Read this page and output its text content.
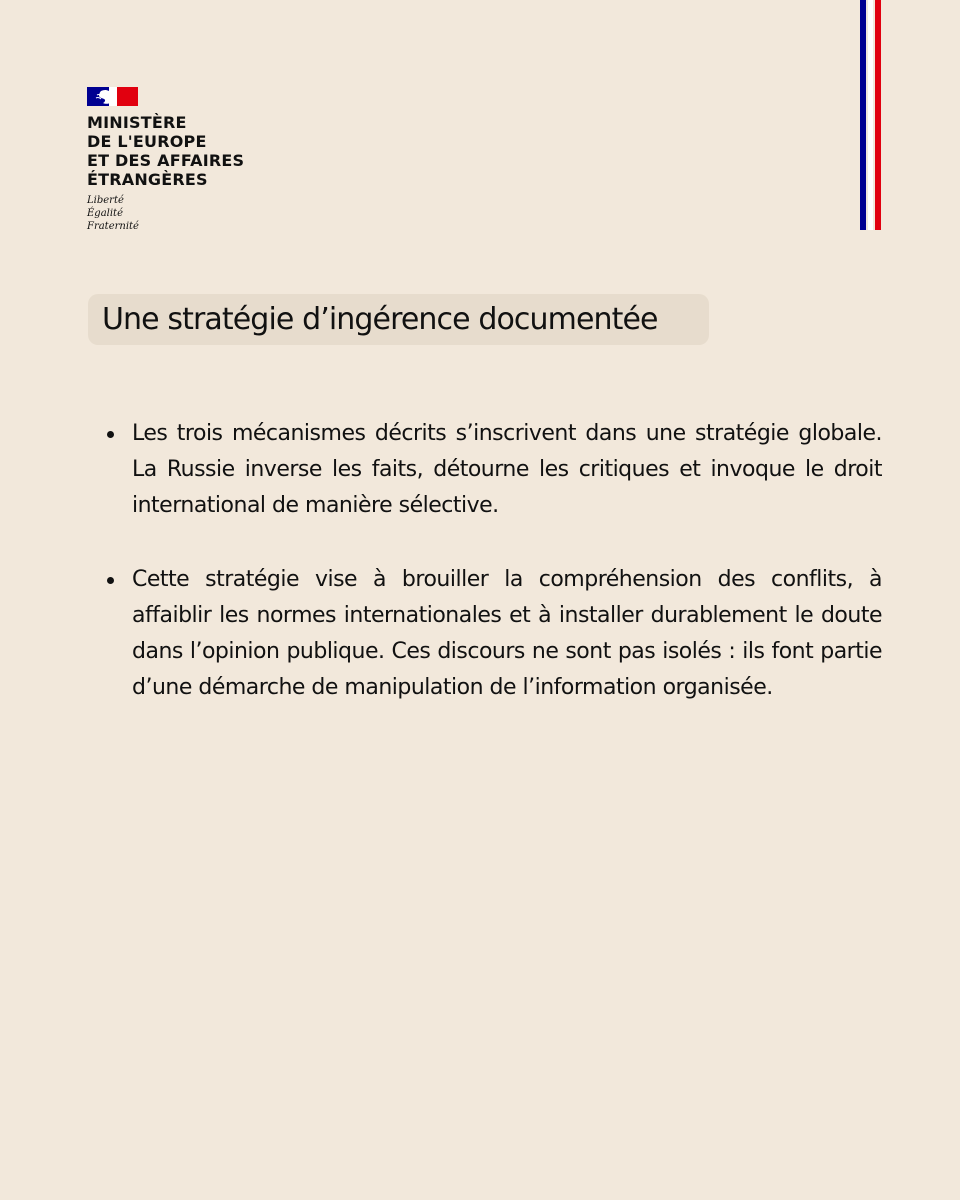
MINISTÈRE
DE L'EUROPE
ET DES AFFAIRES
ÉTRANGÈRES
Liberté
Égalité
Fraternité
Une stratégie d’ingérence documentée
Les trois mécanismes décrits s’inscrivent dans une stratégie globale. La Russie inverse les faits, détourne les critiques et invoque le droit international de manière sélective.
Cette stratégie vise à brouiller la compréhension des conflits, à affaiblir les normes internationales et à installer durablement le doute dans l’opinion publique. Ces discours ne sont pas isolés : ils font partie d’une démarche de manipulation de l’information organisée.
